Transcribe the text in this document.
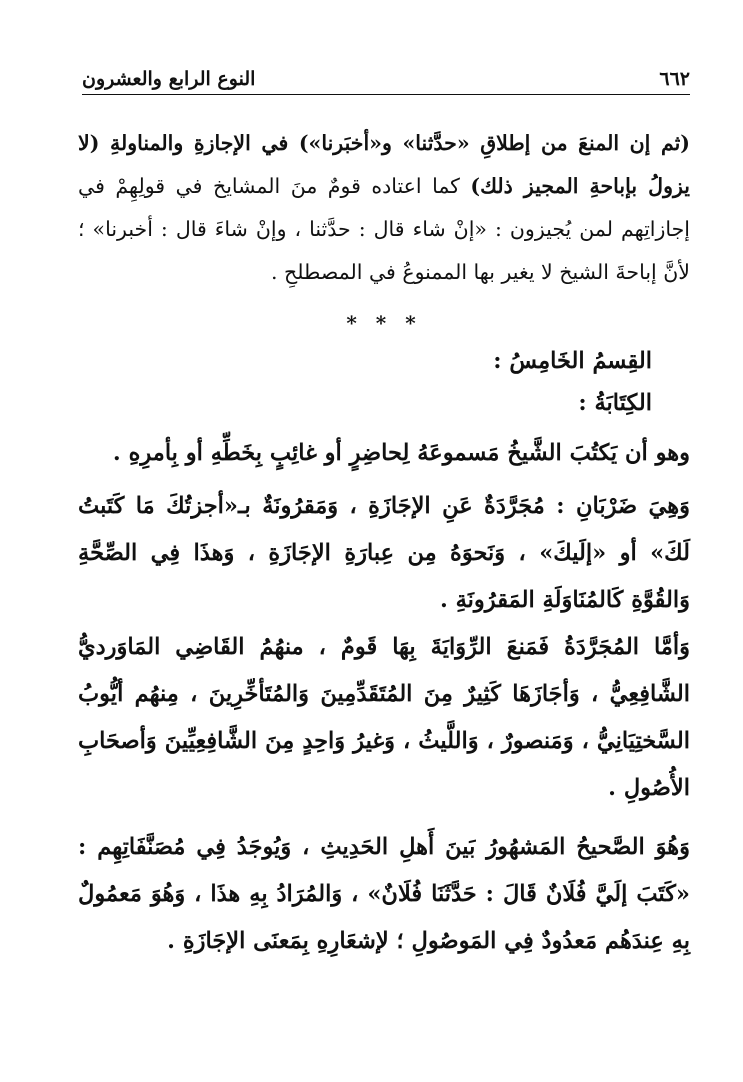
٦٦٢
النوع الرابع والعشرون

(ثم إن المنعَ من إطلاقِ «حدَّثنا» و«أخبَرنا») في الإجازةِ والمناولةِ (لا يزولُ بإباحةِ المجيز ذلك) كما اعتاده قومٌ منَ المشايخ في قولِهِمْ في إجازاتِهم لمن يُجيزون : «إنْ شاء قال : حدَّثنا ، وإنْ شاءَ قال : أخبرنا» ؛ لأنَّ إباحةَ الشيخ لا يغير بها الممنوعُ في المصطلحِ .

* * *

القِسمُ الخَامِسُ :

الكِتَابَةُ :

وهو أن يَكتُبَ الشَّيخُ مَسموعَهُ لِحاضِرٍ أو غائِبٍ بِخَطِّهِ أو بِأمرِهِ .

وَهِيَ ضَرْبَانِ : مُجَرَّدَةٌ عَنِ الإجَازَةِ ، وَمَقرُونَةٌ بـ«أجزتُكَ مَا كَتَبتُ لَكَ» أو «إلَيكَ» ، وَنَحوَهُ مِن عِبارَةِ الإجَازَةِ ، وَهذَا فِي الصِّحَّةِ وَالقُوَّةِ كَالمُنَاوَلَةِ المَقرُونَةِ .

وَأمَّا المُجَرَّدَةُ فَمَنعَ الرِّوَايَةَ بِهَا قَومٌ ، منهُمُ القَاضِي المَاوَرديُّ الشَّافِعِيُّ ، وَأجَازَهَا كَثِيرٌ مِنَ المُتَقَدِّمِينَ وَالمُتَأخِّرِينَ ، مِنهُم أيُّوبُ السَّختِيَانِيُّ ، وَمَنصورٌ ، وَاللَّيثُ ، وَغيرُ وَاحِدٍ مِنَ الشَّافِعِيِّينَ وَأصحَابِ الأُصُولِ .

وَهُوَ الصَّحيحُ المَشهُورُ بَينَ أَهلِ الحَدِيثِ ، وَيُوجَدُ فِي مُصَنَّفَاتِهِم : «كَتَبَ إلَيَّ فُلَانٌ قَالَ : حَدَّثَنَا فُلَانٌ» ، وَالمُرَادُ بِهِ هذَا ، وَهُوَ مَعمُولٌ بِهِ عِندَهُم مَعدُودٌ فِي المَوصُولِ ؛ لإشعَارِهِ بِمَعنَى الإجَازَةِ .
